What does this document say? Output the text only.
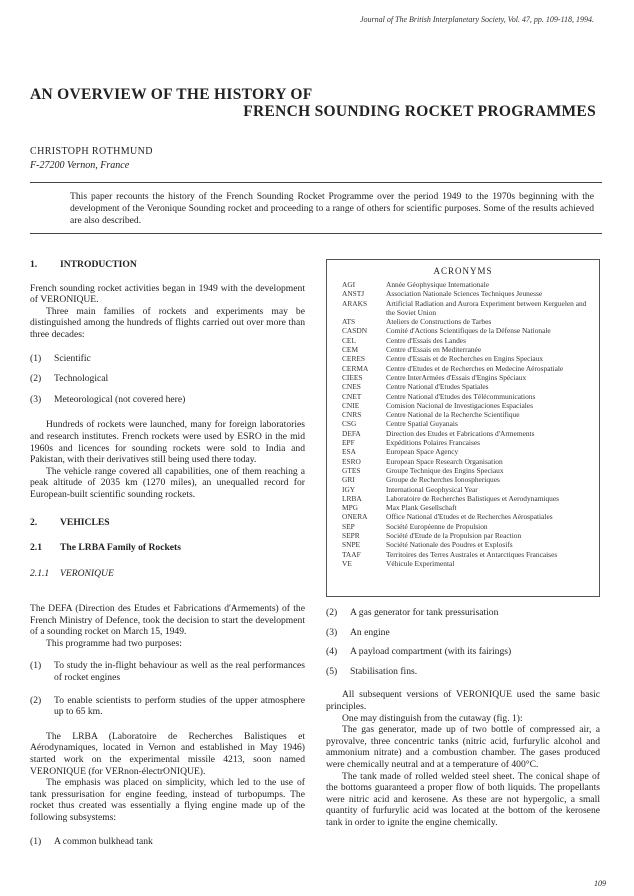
Journal of The British Interplanetary Society, Vol. 47, pp. 109-118, 1994.
AN OVERVIEW OF THE HISTORY OF
FRENCH SOUNDING ROCKET PROGRAMMES
CHRISTOPH ROTHMUND
F-27200 Vernon, France

This paper recounts the history of the French Sounding Rocket Programme over the period 1949 to the 1970s beginning with the development of the Veronique Sounding rocket and proceeding to a range of others for scientific purposes. Some of the results achieved are also described.

1. INTRODUCTION

French sounding rocket activities began in 1949 with the development of VERONIQUE.

Three main families of rockets and experiments may be distinguished among the hundreds of flights carried out over more than three decades:

(1)	Scientific
(2)	Technological
(3)	Meteorological (not covered here)

Hundreds of rockets were launched, many for foreign laboratories and research institutes. French rockets were used by ESRO in the mid 1960s and licences for sounding rockets were sold to India and Pakistan, with their derivatives still being used there today.

The vehicle range covered all capabilities, one of them reaching a peak altitude of 2035 km (1270 miles), an unequalled record for European-built scientific sounding rockets.

2. VEHICLES
2.1 The LRBA Family of Rockets
2.1.1 VERONIQUE

The DEFA (Direction des Etudes et Fabrications d'Armements) of the French Ministry of Defence, took the decision to start the development of a sounding rocket on March 15, 1949.

This programme had two purposes:

(1)	To study the in-flight behaviour as well as the real performances of rocket engines
(2)	To enable scientists to perform studies of the upper atmosphere up to 65 km.

The LRBA (Laboratoire de Recherches Balistiques et Aérodynamiques, located in Vernon and established in May 1946) started work on the experimental missile 4213, soon named VERONIQUE (for VERnon-électrONIQUE).

The emphasis was placed on simplicity, which led to the use of tank pressurisation for engine feeding, instead of turbopumps. The rocket thus created was essentially a flying engine made up of the following subsystems:

(1)	A common bulkhead tank
ACRONYMS
AGI	Année Géophysique Internationale
ANSTJ	Association Nationale Sciences Techniques Jeunesse
ARAKS	Artificial Radiation and Aurora Experiment between Kerguelen and the Soviet Union
ATS	Ateliers de Constructions de Tarbes
CASDN	Comité d'Actions Scientifiques de la Défense Nationale
CEL	Centre d'Essais des Landes
CEM	Centre d'Essais en Mediterranée
CERES	Centre d'Essais et de Recherches en Engins Speciaux
CERMA	Centre d'Etudes et de Recherches en Medecine Aérospatiale
CIEES	Centre InterArmées d'Essais d'Engins Spéciaux
CNES	Centre National d'Etudes Spatiales
CNET	Centre National d'Etudes des Télécommunications
CNIE	Comision Nacional de Investigaciones Espaciales
CNRS	Centre National de la Recherche Scientifique
CSG	Centre Spatial Guyanais
DEFA	Direction des Etudes et Fabrications d'Armements
EPF	Expéditions Polaires Francaises
ESA	European Space Agency
ESRO	European Space Research Organisation
GTES	Groupe Technique des Engins Speciaux
GRI	Groupe de Recherches Ionospheriques
IGY	International Geophysical Year
LRBA	Laboratoire de Recherches Balistiques et Aerodynamiques
MPG	Max Plank Gesellschaft
ONERA	Office National d'Etudes et de Recherches Aérospatiales
SEP	Société Européenne de Propulsion
SEPR	Société d'Etude de la Propulsion par Reaction
SNPE	Société Nationale des Poudres et Explosifs
TAAF	Territoires des Terres Australes et Antarctiques Francaises
VE	Véhicule Experimental
(2)	A gas generator for tank pressurisation
(3)	An engine
(4)	A payload compartment (with its fairings)
(5)	Stabilisation fins.

All subsequent versions of VERONIQUE used the same basic principles.

One may distinguish from the cutaway (fig. 1):

The gas generator, made up of two bottle of compressed air, a pyrovalve, three concentric tanks (nitric acid, furfurylic alcohol and ammonium nitrate) and a combustion chamber. The gases produced were chemically neutral and at a temperature of 400°C.

The tank made of rolled welded steel sheet. The conical shape of the bottoms guaranteed a proper flow of both liquids. The propellants were nitric acid and kerosene. As these are not hypergolic, a small quantity of furfurylic acid was located at the bottom of the kerosene tank in order to ignite the engine chemically.

109
